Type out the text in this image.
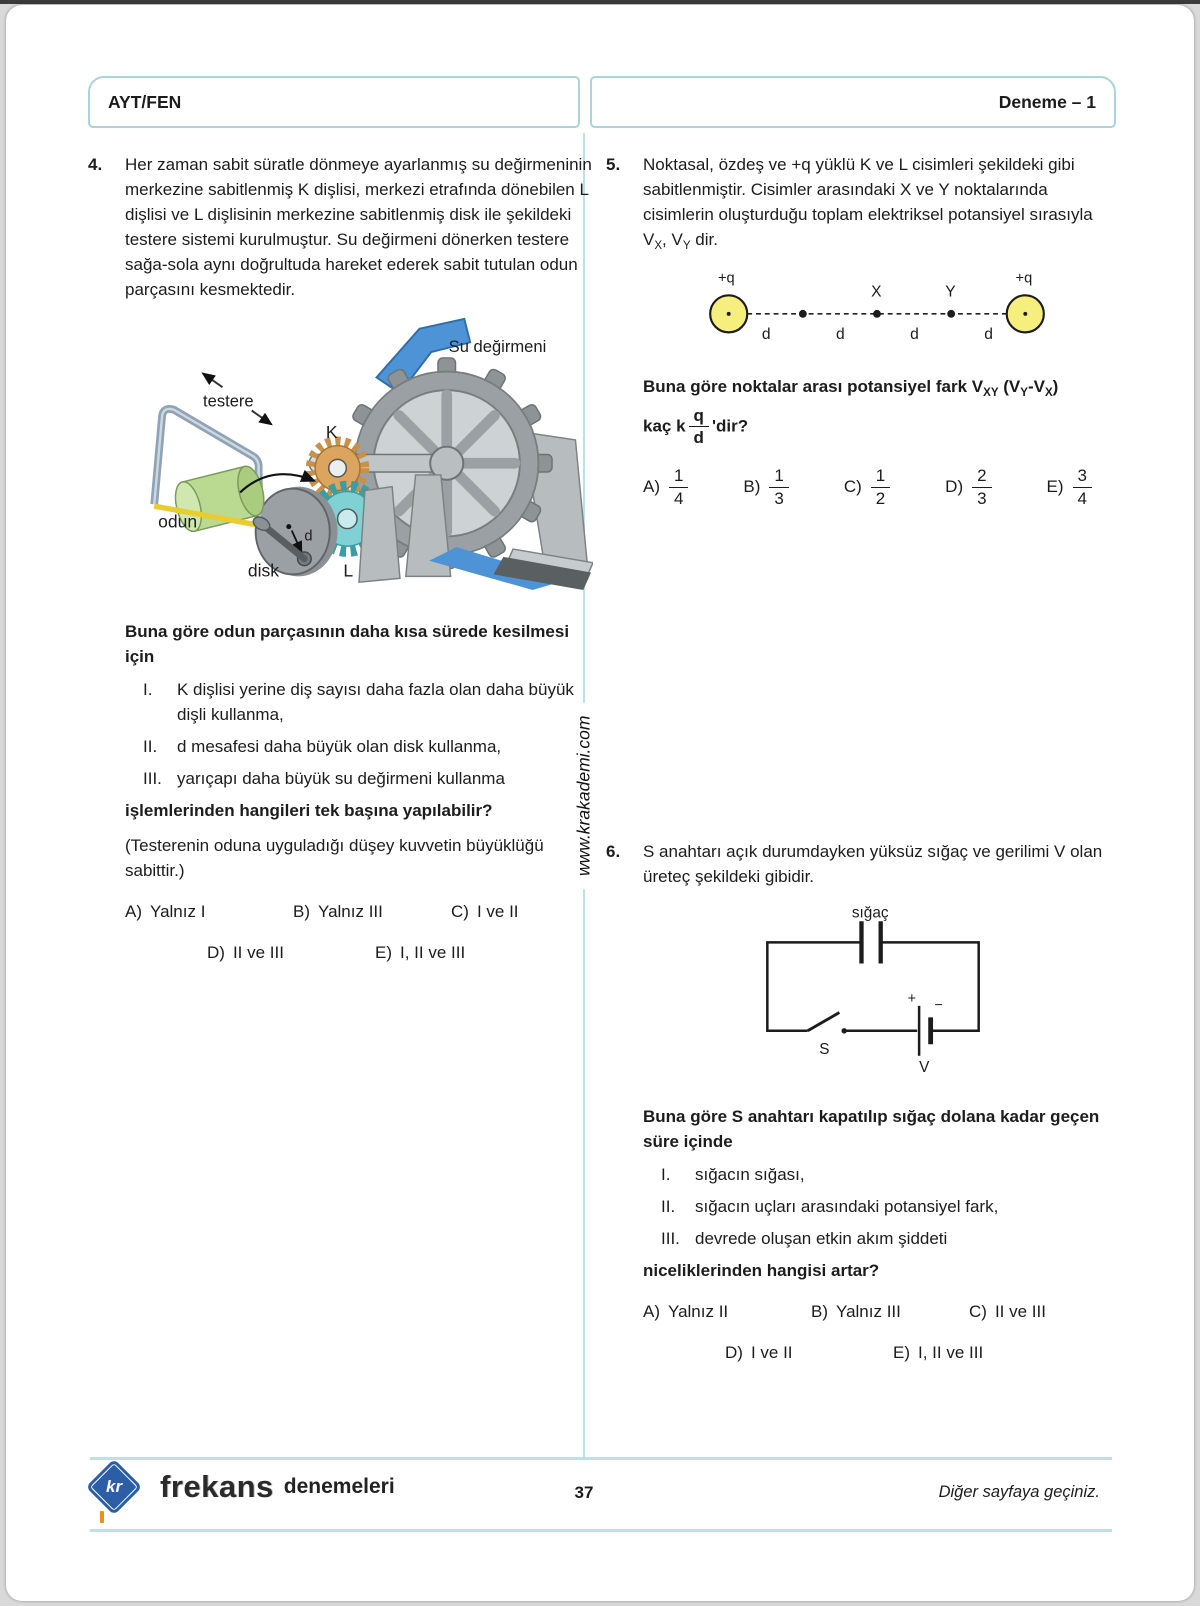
AYT/FEN	Deneme – 1
www.krakademi.com
4.	Her zaman sabit süratle dönmeye ayarlanmış su değirmeninin merkezine sabitlenmiş K dişlisi, merkezi etrafında dönebilen L dişlisi ve L dişlisinin merkezine sabitlenmiş disk ile şekildeki testere sistemi kurulmuştur. Su değirmeni dönerken testere sağa-sola aynı doğrultuda hareket ederek sabit tutulan odun parçasını kesmektedir.
Su değirmeni
testere
K
L
odun
disk
d
Buna göre odun parçasının daha kısa sürede kesilmesi için
I.	K dişlisi yerine diş sayısı daha fazla olan daha büyük dişli kullanma,
II.	d mesafesi daha büyük olan disk kullanma,
III. yarıçapı daha büyük su değirmeni kullanma
işlemlerinden hangileri tek başına yapılabilir?
(Testerenin oduna uyguladığı düşey kuvvetin büyüklüğü sabittir.)
A) Yalnız I	B) Yalnız III	C) I ve II
D) II ve III	E) I, II ve III
5.	Noktasal, özdeş ve +q yüklü K ve L cisimleri şekildeki gibi sabitlenmiştir. Cisimler arasındaki X ve Y noktalarında cisimlerin oluşturduğu toplam elektriksel potansiyel sırasıyla $V_X$, $V_Y$ dir.
+q	+q
X	Y
d	d	d	d
Buna göre noktalar arası potansiyel fark $V_{XY}$ $(V_Y-V_X)$
kaç k $\frac{q}{d}$ 'dir?
$A) \frac{1}{4}$	$B) \frac{1}{3}$	$C) \frac{1}{2}$	$D) \frac{2}{3}$	$E) \frac{3}{4}$
6.	S anahtarı açık durumdayken yüksüz sığaç ve gerilimi V olan üreteç şekildeki gibidir.
sığaç
+ −
S
V
Buna göre S anahtarı kapatılıp sığaç dolana kadar geçen süre içinde
I.	sığacın sığası,
II.	sığacın uçları arasındaki potansiyel fark,
III. devrede oluşan etkin akım şiddeti
niceliklerinden hangisi artar?
A) Yalnız II	B) Yalnız III	C) II ve III
D) I ve II	E) I, II ve III
kr frekans denemeleri	37	Diğer sayfaya geçiniz.
